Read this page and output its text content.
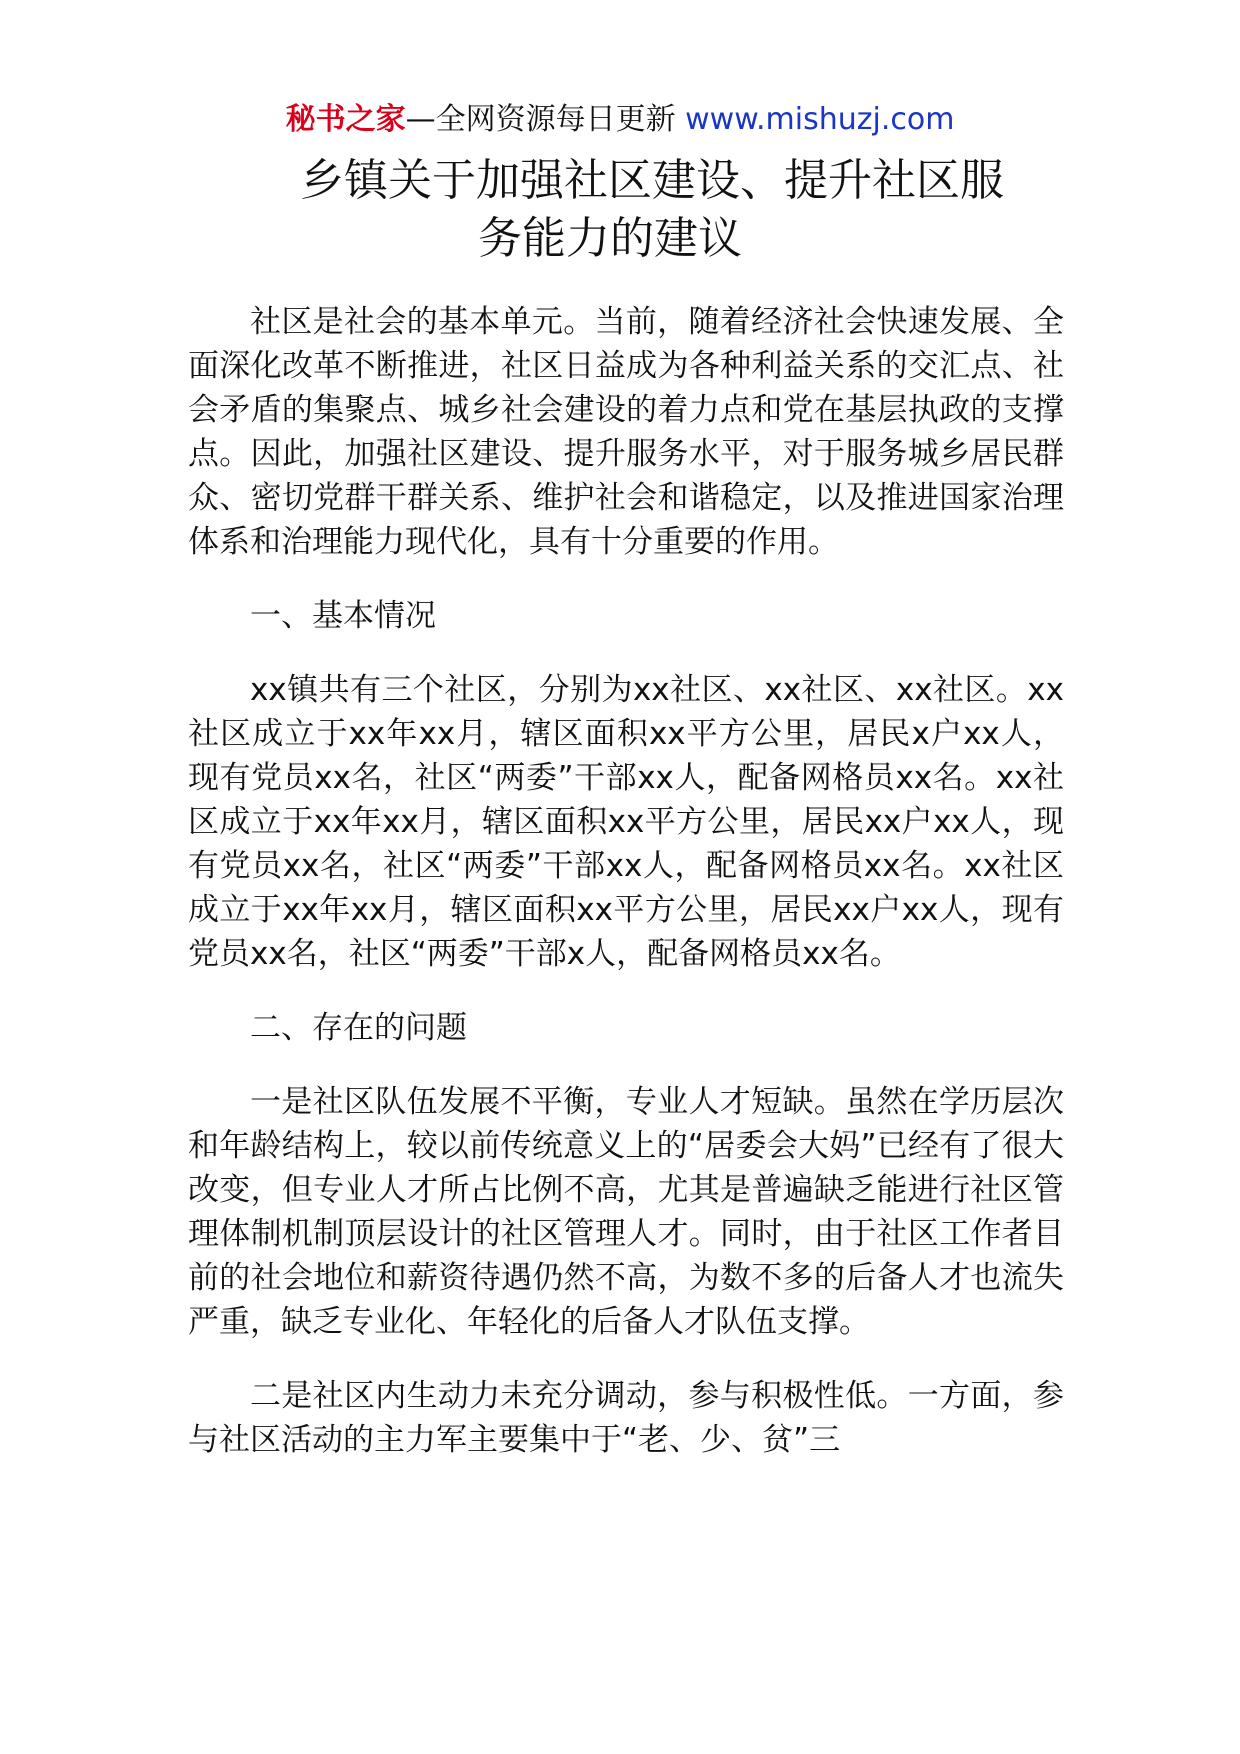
秘书之家—全网资源每日更新 www.mishuzj.com
乡镇关于加强社区建设、提升社区服
务能力的建议

社区是社会的基本单元。当前，随着经济社会快速发展、全面深化改革不断推进，社区日益成为各种利益关系的交汇点、社会矛盾的集聚点、城乡社会建设的着力点和党在基层执政的支撑点。因此，加强社区建设、提升服务水平，对于服务城乡居民群众、密切党群干群关系、维护社会和谐稳定，以及推进国家治理体系和治理能力现代化，具有十分重要的作用。

一、基本情况

xx镇共有三个社区，分别为xx社区、xx社区、xx社区。xx社区成立于xx年xx月，辖区面积xx平方公里，居民x户xx人，现有党员xx名，社区“两委”干部xx人，配备网格员xx名。xx社区成立于xx年xx月，辖区面积xx平方公里，居民xx户xx人，现有党员xx名，社区“两委”干部xx人，配备网格员xx名。xx社区成立于xx年xx月，辖区面积xx平方公里，居民xx户xx人，现有党员xx名，社区“两委”干部x人，配备网格员xx名。

二、存在的问题

一是社区队伍发展不平衡，专业人才短缺。虽然在学历层次和年龄结构上，较以前传统意义上的“居委会大妈”已经有了很大改变，但专业人才所占比例不高，尤其是普遍缺乏能进行社区管理体制机制顶层设计的社区管理人才。同时，由于社区工作者目前的社会地位和薪资待遇仍然不高，为数不多的后备人才也流失严重，缺乏专业化、年轻化的后备人才队伍支撑。

二是社区内生动力未充分调动，参与积极性低。一方面，参与社区活动的主力军主要集中于“老、少、贫”三
